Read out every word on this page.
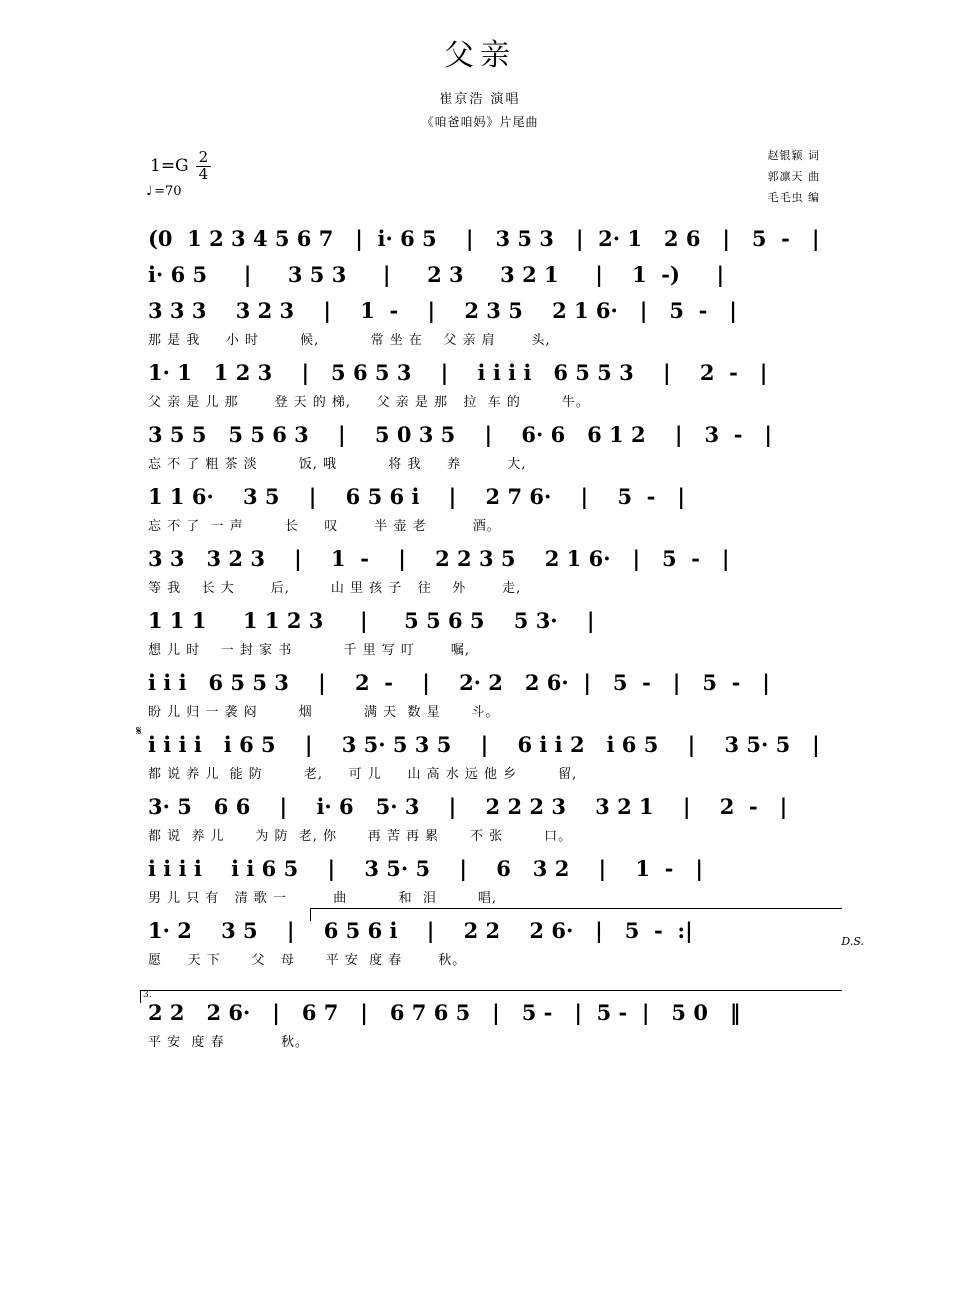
父亲
崔京浩 演唱
《咱爸咱妈》片尾曲
$1=G \frac{2}{4}$
♩ =70
赵银颖 词
郭凛天 曲
毛毛虫 编
(0  1 2 3 4 5 6 7   |  i· 6 5    |   3 5 3   |  2· 1   2 6   |   5  -   |
i· 6 5     |     3 5 3     |     2 3     3 2 1     |    1  -)     |
3 3 3    3 2 3    |    1  -    |    2 3 5    2 1 6·   |   5  -   |
那 是 我     小 时        候,          常 坐 在    父 亲 肩       头,
1· 1   1 2 3    |   5 6 5 3    |    i i i i   6 5 5 3    |    2  -   |
父 亲 是 儿 那       登 天 的 梯,     父 亲 是 那   拉  车 的        牛。
3 5 5   5 5 6 3    |    5 0 3 5    |    6· 6   6 1 2    |   3  -   |
忘 不 了 粗 茶 淡        饭, 哦          将 我     养         大,
1 1 6·    3 5    |    6 5 6 i    |    2 7 6·    |    5  -   |
忘 不 了  一 声        长     叹       半 壶 老         酒。
3 3   3 2 3    |    1  -    |    2 2 3 5    2 1 6·   |   5  -   |
等 我    长 大       后,        山 里 孩 子   往    外       走,
1 1 1     1 1 2 3     |     5 5 6 5    5 3·    |
想 儿 时    一 封 家 书          千 里 写 叮       嘱,
i i i   6 5 5 3    |    2  -    |    2· 2   2 6·  |   5  -   |   5  -   |
盼 儿 归 一 袭 闷        烟          满 天  数 星      斗。
𝄋
i i i i   i 6 5    |    3 5· 5 3 5    |    6 i i 2   i 6 5    |    3 5· 5   |
都 说 养 儿  能 防        老,     可 儿     山 高 水 远 他 乡        留,
3· 5   6 6    |    i· 6   5· 3    |    2 2 2 3    3 2 1    |    2  -   |
都 说  养 儿      为 防  老, 你      再 苦 再 累      不 张        口。
i i i i    i i 6 5    |    3 5· 5    |    6   3 2    |    1  -   |
男 儿 只 有   清 歌 一         曲          和  泪        唱,
1· 2    3 5    |    6 5 6 i    |    2 2    2 6·   |   5  -  :|
愿     天 下      父   母      平 安  度 春       秋。
D.S.
3.
2 2   2 6·   |   6 7   |   6 7 6 5   |   5 -   |  5 -  |   5 0   ‖
平 安  度 春           秋。
